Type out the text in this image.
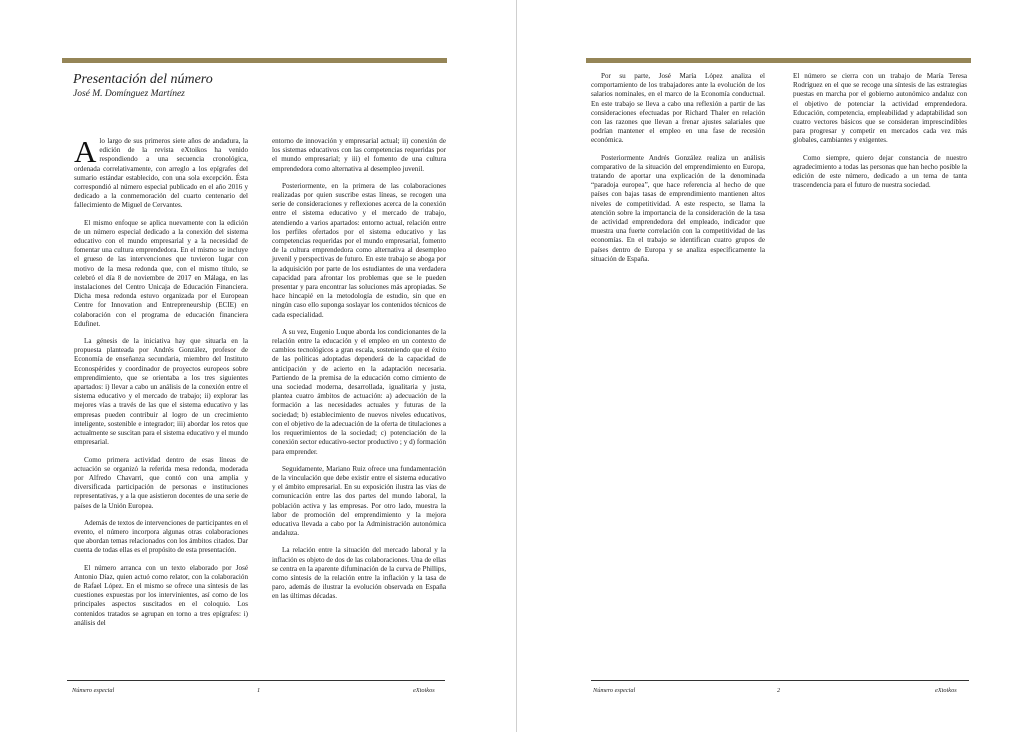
Presentación del número
José M. Domínguez Martínez

Alo largo de sus primeros siete años de andadura, la edición de la revista eXtoikos ha venido respondiendo a una secuencia cronológica, ordenada correlativamente, con arreglo a los epígrafes del sumario estándar establecido, con una sola excepción. Ésta correspondió al número especial publicado en el año 2016 y dedicado a la conmemoración del cuarto centenario del fallecimiento de Miguel de Cervantes.

El mismo enfoque se aplica nuevamente con la edición de un número especial dedicado a la conexión del sistema educativo con el mundo empresarial y a la necesidad de fomentar una cultura emprendedora. En el mismo se incluye el grueso de las intervenciones que tuvieron lugar con motivo de la mesa redonda que, con el mismo título, se celebró el día 8 de noviembre de 2017 en Málaga, en las instalaciones del Centro Unicaja de Educación Financiera. Dicha mesa redonda estuvo organizada por el European Centre for Innovation and Entrepreneurship (ECIE) en colaboración con el programa de educación financiera Edufinet.

La génesis de la iniciativa hay que situarla en la propuesta planteada por Andrés González, profesor de Economía de enseñanza secundaria, miembro del Instituto Econospérides y coordinador de proyectos europeos sobre emprendimiento, que se orientaba a los tres siguientes apartados: i) llevar a cabo un análisis de la conexión entre el sistema educativo y el mercado de trabajo; ii) explorar las mejores vías a través de las que el sistema educativo y las empresas pueden contribuir al logro de un crecimiento inteligente, sostenible e integrador; iii) abordar los retos que actualmente se suscitan para el sistema educativo y el mundo empresarial.

Como primera actividad dentro de esas líneas de actuación se organizó la referida mesa redonda, moderada por Alfredo Chavarri, que contó con una amplia y diversificada participación de personas e instituciones representativas, y a la que asistieron docentes de una serie de países de la Unión Europea.

Además de textos de intervenciones de participantes en el evento, el número incorpora algunas otras colaboraciones que abordan temas relacionados con los ámbitos citados. Dar cuenta de todas ellas es el propósito de esta presentación.

El número arranca con un texto elaborado por José Antonio Díaz, quien actuó como relator, con la colaboración de Rafael López. En el mismo se ofrece una síntesis de las cuestiones expuestas por los intervinientes, así como de los principales aspectos suscitados en el coloquio. Los contenidos tratados se agrupan en torno a tres epígrafes: i) análisis del

entorno de innovación y empresarial actual; ii) conexión de los sistemas educativos con las competencias requeridas por el mundo empresarial; y iii) el fomento de una cultura emprendedora como alternativa al desempleo juvenil.

Posteriormente, en la primera de las colaboraciones realizadas por quien suscribe estas líneas, se recogen una serie de consideraciones y reflexiones acerca de la conexión entre el sistema educativo y el mercado de trabajo, atendiendo a varios apartados: entorno actual, relación entre los perfiles ofertados por el sistema educativo y las competencias requeridas por el mundo empresarial, fomento de la cultura emprendedora como alternativa al desempleo juvenil y perspectivas de futuro. En este trabajo se aboga por la adquisición por parte de los estudiantes de una verdadera capacidad para afrontar los problemas que se le pueden presentar y para encontrar las soluciones más apropiadas. Se hace hincapié en la metodología de estudio, sin que en ningún caso ello suponga soslayar los contenidos técnicos de cada especialidad.

A su vez, Eugenio Luque aborda los condicionantes de la relación entre la educación y el empleo en un contexto de cambios tecnológicos a gran escala, sosteniendo que el éxito de las políticas adoptadas dependerá de la capacidad de anticipación y de acierto en la adaptación necesaria. Partiendo de la premisa de la educación como cimiento de una sociedad moderna, desarrollada, igualitaria y justa, plantea cuatro ámbitos de actuación: a) adecuación de la formación a las necesidades actuales y futuras de la sociedad; b) establecimiento de nuevos niveles educativos, con el objetivo de la adecuación de la oferta de titulaciones a los requerimientos de la sociedad; c) potenciación de la conexión sector educativo-sector productivo ; y d) formación para emprender.

Seguidamente, Mariano Ruiz ofrece una fundamentación de la vinculación que debe existir entre el sistema educativo y el ámbito empresarial. En su exposición ilustra las vías de comunicación entre las dos partes del mundo laboral, la población activa y las empresas. Por otro lado, muestra la labor de promoción del emprendimiento y la mejora educativa llevada a cabo por la Administración autonómica andaluza.

La relación entre la situación del mercado laboral y la inflación es objeto de dos de las colaboraciones. Una de ellas se centra en la aparente difuminación de la curva de Phillips, como síntesis de la relación entre la inflación y la tasa de paro, además de ilustrar la evolución observada en España en las últimas décadas.

Número especial	1	eXtoikos

Por su parte, José María López analiza el comportamiento de los trabajadores ante la evolución de los salarios nominales, en el marco de la Economía conductual. En este trabajo se lleva a cabo una reflexión a partir de las consideraciones efectuadas por Richard Thaler en relación con las razones que llevan a frenar ajustes salariales que podrían mantener el empleo en una fase de recesión económica.

Posteriormente Andrés González realiza un análisis comparativo de la situación del emprendimiento en Europa, tratando de aportar una explicación de la denominada “paradoja europea”, que hace referencia al hecho de que países con bajas tasas de emprendimiento mantienen altos niveles de competitividad. A este respecto, se llama la atención sobre la importancia de la consideración de la tasa de actividad emprendedora del empleado, indicador que muestra una fuerte correlación con la competitividad de las economías. En el trabajo se identifican cuatro grupos de países dentro de Europa y se analiza específicamente la situación de España.

El número se cierra con un trabajo de María Teresa Rodríguez en el que se recoge una síntesis de las estrategias puestas en marcha por el gobierno autonómico andaluz con el objetivo de potenciar la actividad emprendedora. Educación, competencia, empleabilidad y adaptabilidad son cuatro vectores básicos que se consideran imprescindibles para progresar y competir en mercados cada vez más globales, cambiantes y exigentes.

Como siempre, quiero dejar constancia de nuestro agradecimiento a todas las personas que han hecho posible la edición de este número, dedicado a un tema de tanta trascendencia para el futuro de nuestra sociedad.

Número especial	2	eXtoikos
